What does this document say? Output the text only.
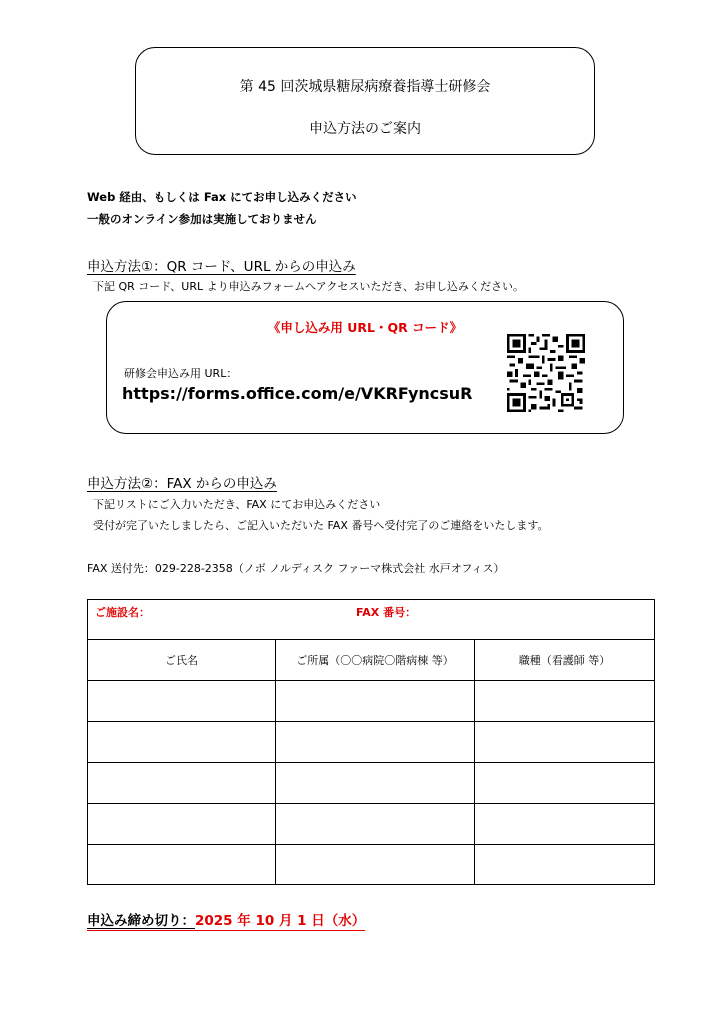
第 45 回茨城県糖尿病療養指導士研修会
申込方法のご案内
Web 経由、もしくは Fax にてお申し込みください
一般のオンライン参加は実施しておりません
申込方法①：QR コード、URL からの申込み
下記 QR コード、URL より申込みフォームへアクセスいただき、お申し込みください。
《申し込み用 URL・QR コード》
研修会申込み用 URL：
https://forms.office.com/e/VKRFyncsuR
申込方法②：FAX からの申込み
下記リストにご入力いただき、FAX にてお申込みください
受付が完了いたしましたら、ご記入いただいた FAX 番号へ受付完了のご連絡をいたします。
FAX 送付先：029-228-2358（ノボ ノルディスク ファーマ株式会社 水戸オフィス）
ご施設名： FAX 番号：		

ご氏名	ご所属（〇〇病院〇階病棟 等）	職種（看護師 等）

申込み締め切り：2025 年 10 月 1 日（水）
